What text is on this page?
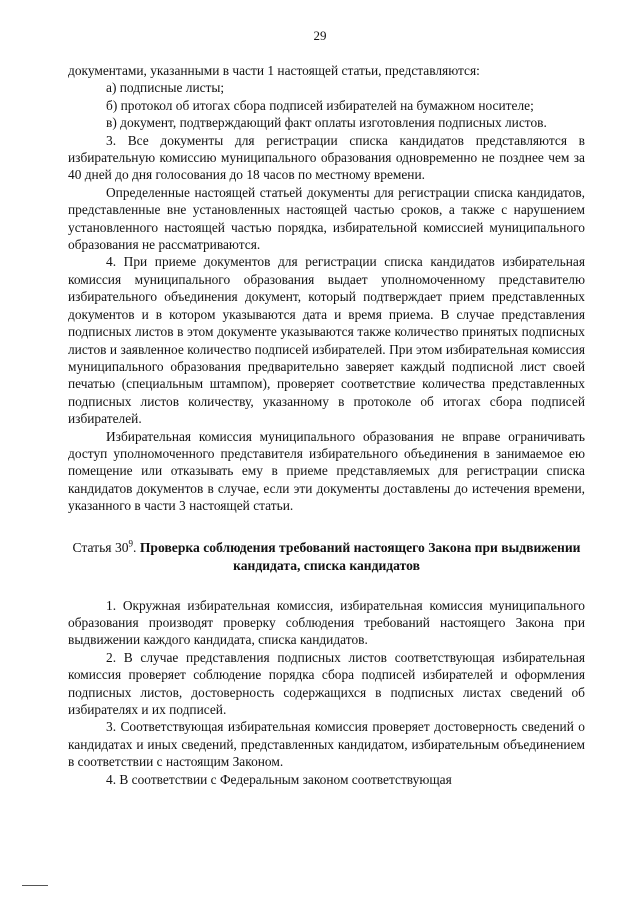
29

документами, указанными в части 1 настоящей статьи, представляются:

а) подписные листы;

б) протокол об итогах сбора подписей избирателей на бумажном носителе;

в) документ, подтверждающий факт оплаты изготовления подписных листов.

3. Все документы для регистрации списка кандидатов представляются в избирательную комиссию муниципального образования одновременно не позднее чем за 40 дней до дня голосования до 18 часов по местному времени.

Определенные настоящей статьей документы для регистрации списка кандидатов, представленные вне установленных настоящей частью сроков, а также с нарушением установленного настоящей частью порядка, избирательной комиссией муниципального образования не рассматриваются.

4. При приеме документов для регистрации списка кандидатов избирательная комиссия муниципального образования выдает уполномоченному представителю избирательного объединения документ, который подтверждает прием представленных документов и в котором указываются дата и время приема. В случае представления подписных листов в этом документе указываются также количество принятых подписных листов и заявленное количество подписей избирателей. При этом избирательная комиссия муниципального образования предварительно заверяет каждый подписной лист своей печатью (специальным штампом), проверяет соответствие количества представленных подписных листов количеству, указанному в протоколе об итогах сбора подписей избирателей.

Избирательная комиссия муниципального образования не вправе ограничивать доступ уполномоченного представителя избирательного объединения в занимаемое ею помещение или отказывать ему в приеме представляемых для регистрации списка кандидатов документов в случае, если эти документы доставлены до истечения времени, указанного в части 3 настоящей статьи.

Статья $30^9$. Проверка соблюдения требований настоящего Закона при выдвижении кандидата, списка кандидатов

1. Окружная избирательная комиссия, избирательная комиссия муниципального образования производят проверку соблюдения требований настоящего Закона при выдвижении каждого кандидата, списка кандидатов.

2. В случае представления подписных листов соответствующая избирательная комиссия проверяет соблюдение порядка сбора подписей избирателей и оформления подписных листов, достоверность содержащихся в подписных листах сведений об избирателях и их подписей.

3. Соответствующая избирательная комиссия проверяет достоверность сведений о кандидатах и иных сведений, представленных кандидатом, избирательным объединением в соответствии с настоящим Законом.

4. В соответствии с Федеральным законом соответствующая
